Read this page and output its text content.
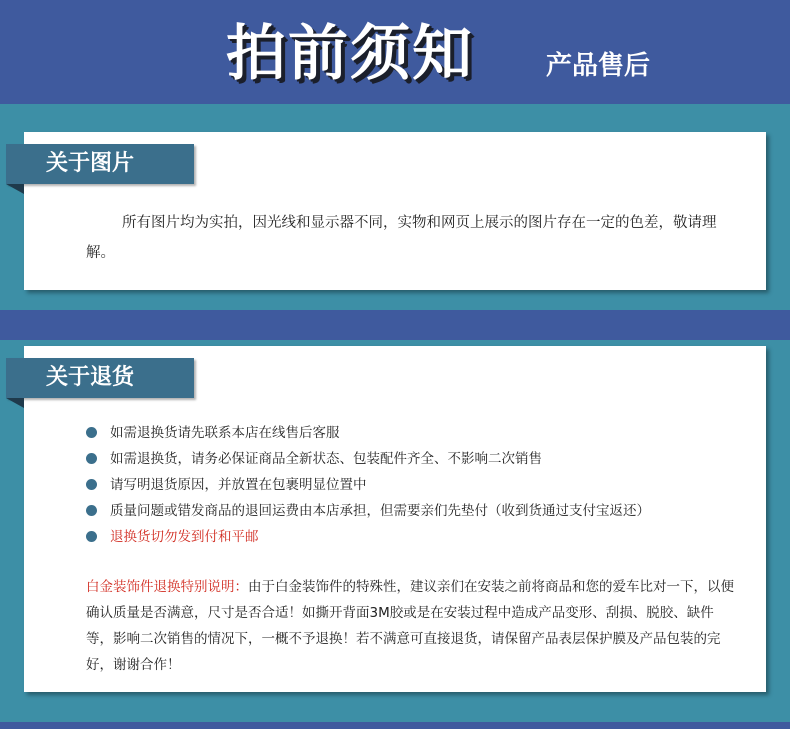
拍前须知	产品售后
关于图片

所有图片均为实拍，因光线和显示器不同，实物和网页上展示的图片存在一定的色差，敬请理解。

关于退货
如需退换货请先联系本店在线售后客服
如需退换货，请务必保证商品全新状态、包装配件齐全、不影响二次销售
请写明退货原因，并放置在包裹明显位置中
质量问题或错发商品的退回运费由本店承担，但需要亲们先垫付（收到货通过支付宝返还）
退换货切勿发到付和平邮

白金装饰件退换特别说明：由于白金装饰件的特殊性，建议亲们在安装之前将商品和您的爱车比对一下，以便确认质量是否满意，尺寸是否合适！如撕开背面3M胶或是在安装过程中造成产品变形、刮损、脱胶、缺件等，影响二次销售的情况下，一概不予退换！若不满意可直接退货，请保留产品表层保护膜及产品包装的完好，谢谢合作！
